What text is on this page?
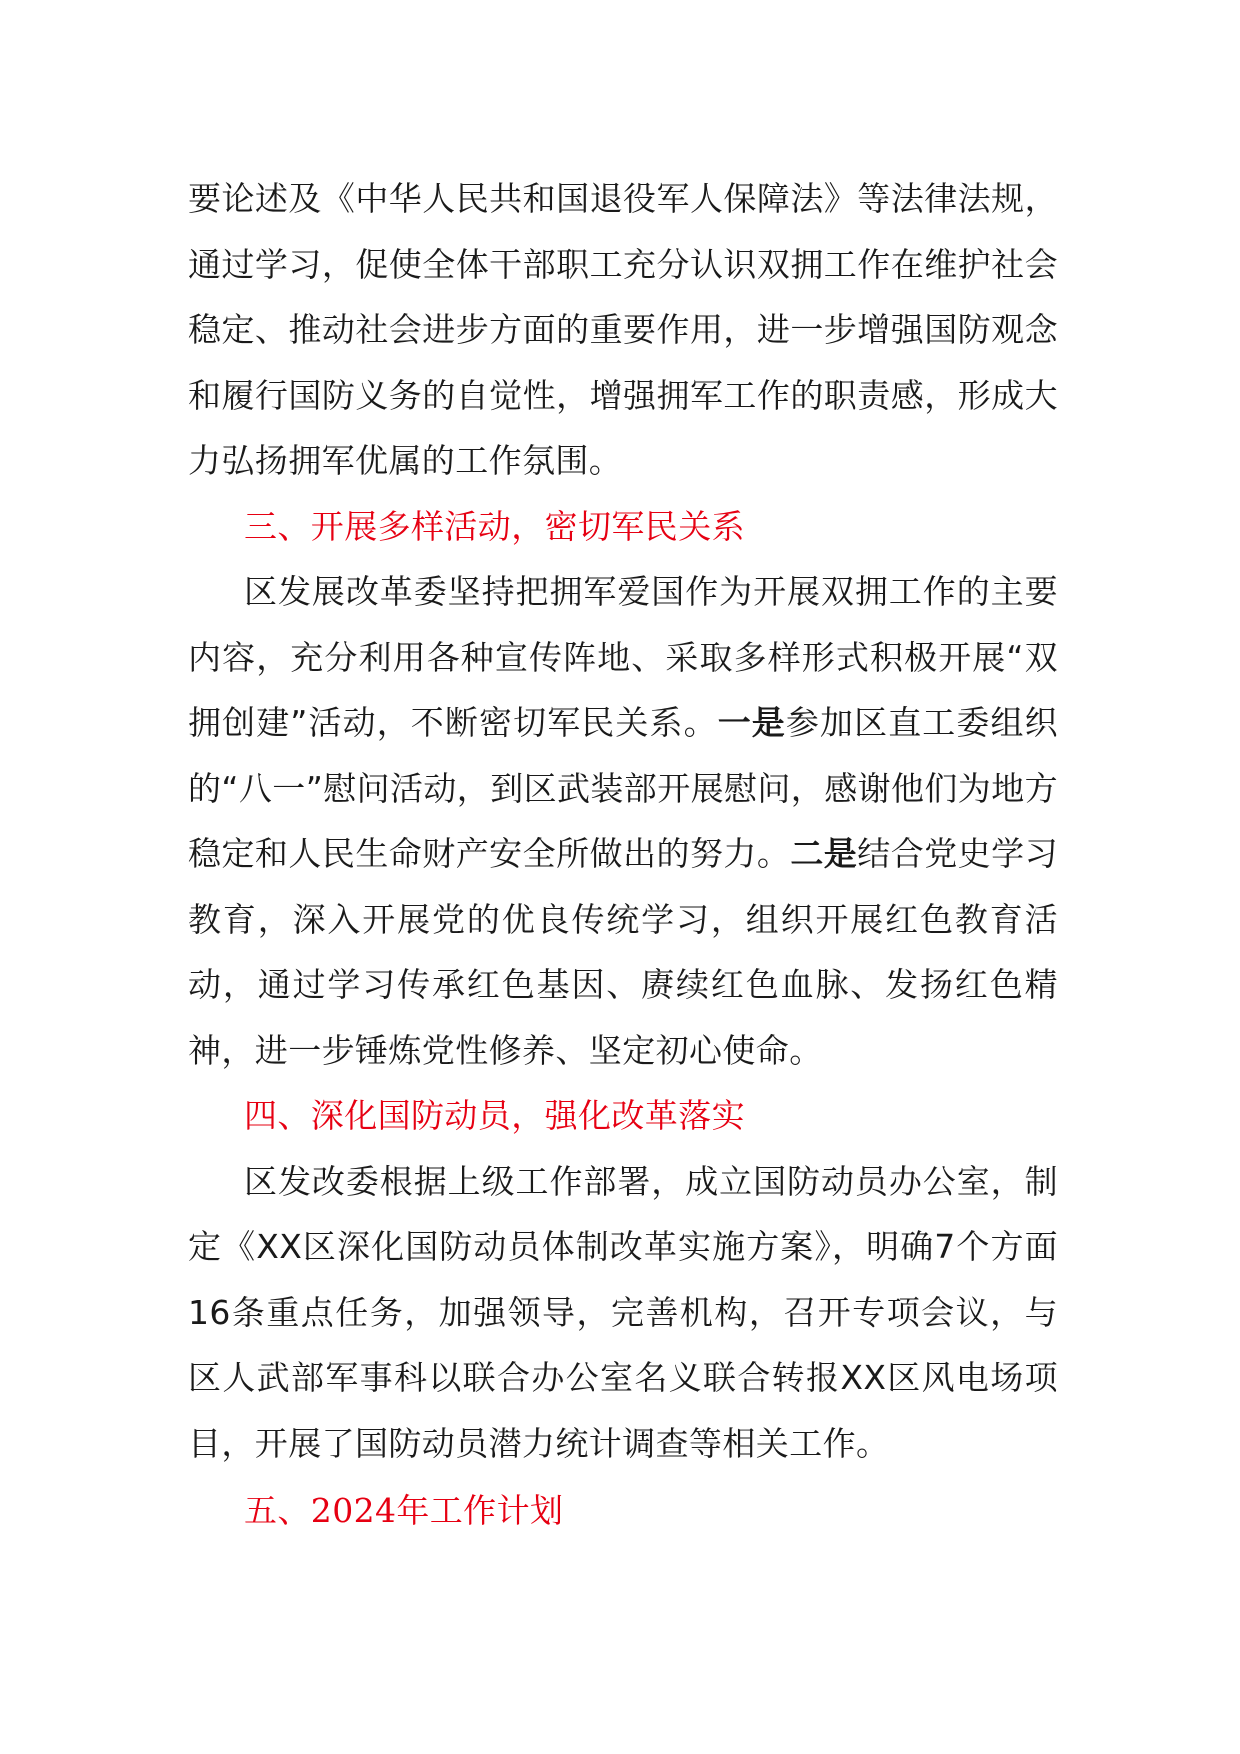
要论述及《中华人民共和国退役军人保障法》等法律法规，通过学习，促使全体干部职工充分认识双拥工作在维护社会稳定、推动社会进步方面的重要作用，进一步增强国防观念和履行国防义务的自觉性，增强拥军工作的职责感，形成大力弘扬拥军优属的工作氛围。

三、开展多样活动，密切军民关系

区发展改革委坚持把拥军爱国作为开展双拥工作的主要内容，充分利用各种宣传阵地、采取多样形式积极开展“双拥创建”活动，不断密切军民关系。一是参加区直工委组织的“八一”慰问活动，到区武装部开展慰问，感谢他们为地方稳定和人民生命财产安全所做出的努力。二是结合党史学习教育，深入开展党的优良传统学习，组织开展红色教育活动，通过学习传承红色基因、赓续红色血脉、发扬红色精神，进一步锤炼党性修养、坚定初心使命。

四、深化国防动员，强化改革落实

区发改委根据上级工作部署，成立国防动员办公室，制定《XX区深化国防动员体制改革实施方案》，明确7个方面16条重点任务，加强领导，完善机构，召开专项会议，与区人武部军事科以联合办公室名义联合转报XX区风电场项目，开展了国防动员潜力统计调查等相关工作。

五、2024年工作计划
